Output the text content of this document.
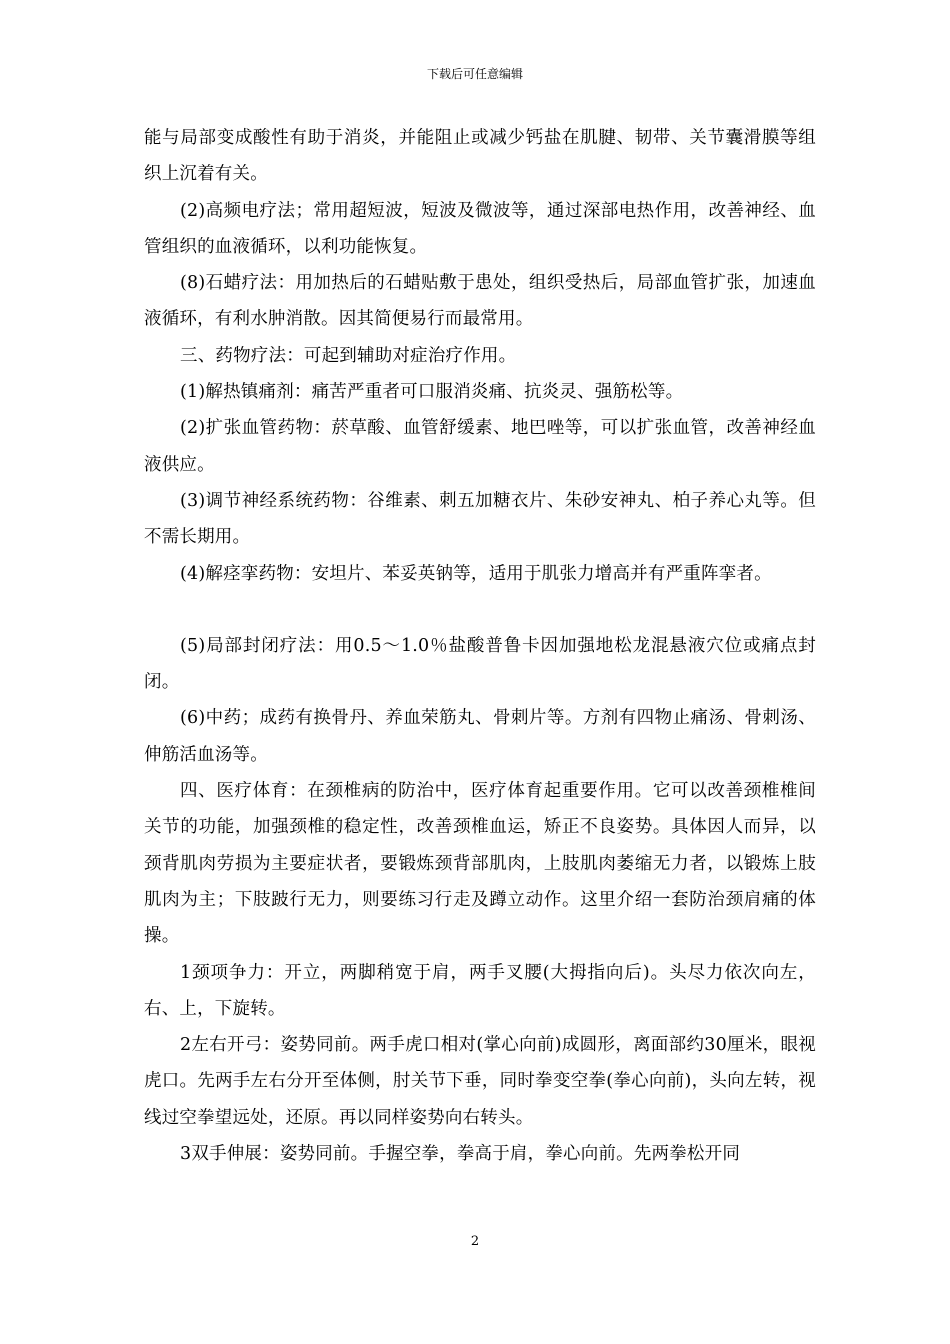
下载后可任意编辑

能与局部变成酸性有助于消炎，并能阻止或减少钙盐在肌腱、韧带、关节囊滑膜等组织上沉着有关。

(2)高频电疗法；常用超短波，短波及微波等，通过深部电热作用，改善神经、血管组织的血液循环，以利功能恢复。

(8)石蜡疗法：用加热后的石蜡贴敷于患处，组织受热后，局部血管扩张，加速血液循环，有利水肿消散。因其简便易行而最常用。

三、药物疗法：可起到辅助对症治疗作用。

(1)解热镇痛剂：痛苦严重者可口服消炎痛、抗炎灵、强筋松等。

(2)扩张血管药物：菸草酸、血管舒缓素、地巴唑等，可以扩张血管，改善神经血液供应。

(3)调节神经系统药物：谷维素、刺五加糖衣片、朱砂安神丸、柏子养心丸等。但不需长期用。

(4)解痉挛药物：安坦片、苯妥英钠等，适用于肌张力增高并有严重阵挛者。

(5)局部封闭疗法：用0.5～1.0％盐酸普鲁卡因加强地松龙混悬液穴位或痛点封闭。

(6)中药；成药有换骨丹、养血荣筋丸、骨刺片等。方剂有四物止痛汤、骨刺汤、伸筋活血汤等。

四、医疗体育：在颈椎病的防治中，医疗体育起重要作用。它可以改善颈椎椎间关节的功能，加强颈椎的稳定性，改善颈椎血运，矫正不良姿势。具体因人而异，以颈背肌肉劳损为主要症状者，要锻炼颈背部肌肉，上肢肌肉萎缩无力者，以锻炼上肢肌肉为主；下肢跛行无力，则要练习行走及蹲立动作。这里介绍一套防治颈肩痛的体操。

1颈项争力：开立，两脚稍宽于肩，两手叉腰(大拇指向后)。头尽力依次向左，右、上，下旋转。

2左右开弓：姿势同前。两手虎口相对(掌心向前)成圆形，离面部约30厘米，眼视虎口。先两手左右分开至体侧，肘关节下垂，同时拳变空拳(拳心向前)，头向左转，视线过空拳望远处，还原。再以同样姿势向右转头。

3双手伸展：姿势同前。手握空拳，拳高于肩，拳心向前。先两拳松开同

2
